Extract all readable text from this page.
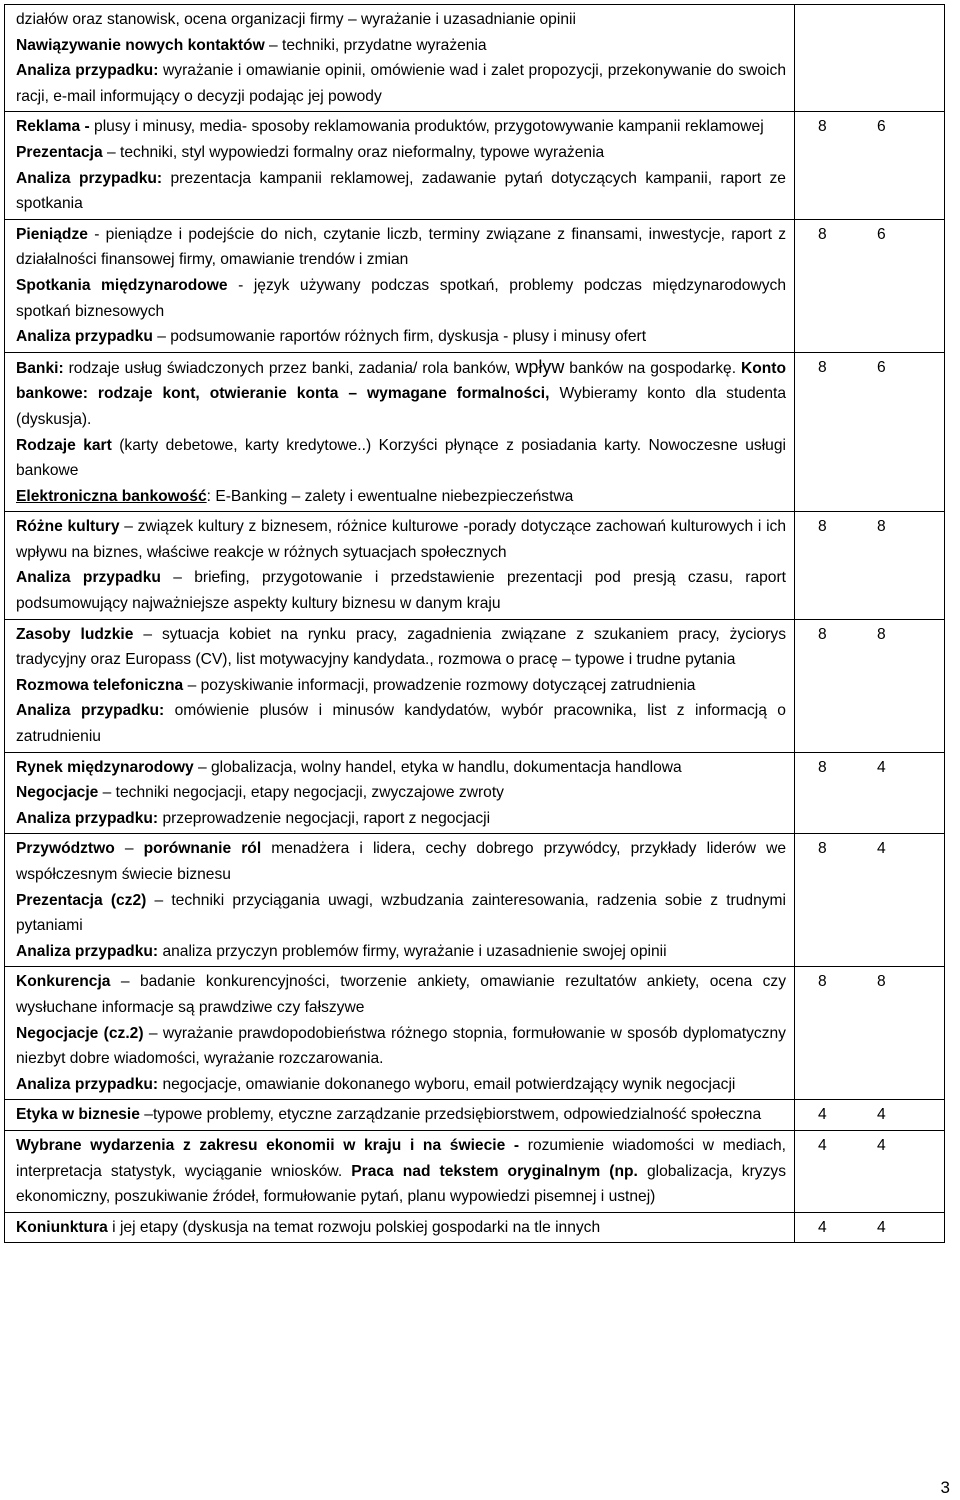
działów oraz stanowisk, ocena organizacji firmy – wyrażanie i uzasadnianie opinii
Nawiązywanie nowych kontaktów – techniki, przydatne wyrażenia
Analiza przypadku: wyrażanie i omawianie opinii, omówienie wad i zalet propozycji, przekonywanie do swoich racji, e-mail informujący o decyzji podając jej powody	

Reklama - plusy i minusy, media- sposoby reklamowania produktów, przygotowywanie kampanii reklamowej
Prezentacja – techniki, styl wypowiedzi formalny oraz nieformalny, typowe wyrażenia
Analiza przypadku: prezentacja kampanii reklamowej, zadawanie pytań dotyczących kampanii, raport ze spotkania	8 6

Pieniądze - pieniądze i podejście do nich, czytanie liczb, terminy związane z finansami, inwestycje, raport z działalności finansowej firmy, omawianie trendów i zmian
Spotkania międzynarodowe - język używany podczas spotkań, problemy podczas międzynarodowych spotkań biznesowych
Analiza przypadku – podsumowanie raportów różnych firm, dyskusja - plusy i minusy ofert	8 6

Banki: rodzaje usług świadczonych przez banki, zadania/ rola banków, wpływ banków na gospodarkę. Konto bankowe: rodzaje kont, otwieranie konta – wymagane formalności, Wybieramy konto dla studenta (dyskusja).
Rodzaje kart (karty debetowe, karty kredytowe..) Korzyści płynące z posiadania karty. Nowoczesne usługi bankowe
Elektroniczna bankowość: E-Banking – zalety i ewentualne niebezpieczeństwa	8 6

Różne kultury – związek kultury z biznesem, różnice kulturowe -porady dotyczące zachowań kulturowych i ich wpływu na biznes, właściwe reakcje w różnych sytuacjach społecznych
Analiza przypadku – briefing, przygotowanie i przedstawienie prezentacji pod presją czasu, raport podsumowujący najważniejsze aspekty kultury biznesu w danym kraju	8 8

Zasoby ludzkie – sytuacja kobiet na rynku pracy, zagadnienia związane z szukaniem pracy, życiorys tradycyjny oraz Europass (CV), list motywacyjny kandydata., rozmowa o pracę – typowe i trudne pytania
Rozmowa telefoniczna – pozyskiwanie informacji, prowadzenie rozmowy dotyczącej zatrudnienia
Analiza przypadku: omówienie plusów i minusów kandydatów, wybór pracownika, list z informacją o zatrudnieniu	8 8

Rynek międzynarodowy – globalizacja, wolny handel, etyka w handlu, dokumentacja handlowa
Negocjacje – techniki negocjacji, etapy negocjacji, zwyczajowe zwroty
Analiza przypadku: przeprowadzenie negocjacji, raport z negocjacji	8 4

Przywództwo – porównanie ról menadżera i lidera, cechy dobrego przywódcy, przykłady liderów we współczesnym świecie biznesu
Prezentacja (cz2) – techniki przyciągania uwagi, wzbudzania zainteresowania, radzenia sobie z trudnymi pytaniami
Analiza przypadku: analiza przyczyn problemów firmy, wyrażanie i uzasadnienie swojej opinii	8 4

Konkurencja – badanie konkurencyjności, tworzenie ankiety, omawianie rezultatów ankiety, ocena czy wysłuchane informacje są prawdziwe czy fałszywe
Negocjacje (cz.2) – wyrażanie prawdopodobieństwa różnego stopnia, formułowanie w sposób dyplomatyczny niezbyt dobre wiadomości, wyrażanie rozczarowania.
Analiza przypadku: negocjacje, omawianie dokonanego wyboru, email potwierdzający wynik negocjacji	8 8

Etyka w biznesie –typowe problemy, etyczne zarządzanie przedsiębiorstwem, odpowiedzialność społeczna	4 4

Wybrane wydarzenia z zakresu ekonomii w kraju i na świecie - rozumienie wiadomości w mediach, interpretacja statystyk, wyciąganie wniosków. Praca nad tekstem oryginalnym (np. globalizacja, kryzys ekonomiczny, poszukiwanie źródeł, formułowanie pytań, planu wypowiedzi pisemnej i ustnej)	4 4

Koniunktura i jej etapy (dyskusja na temat rozwoju polskiej gospodarki na tle innych	4 4
3
